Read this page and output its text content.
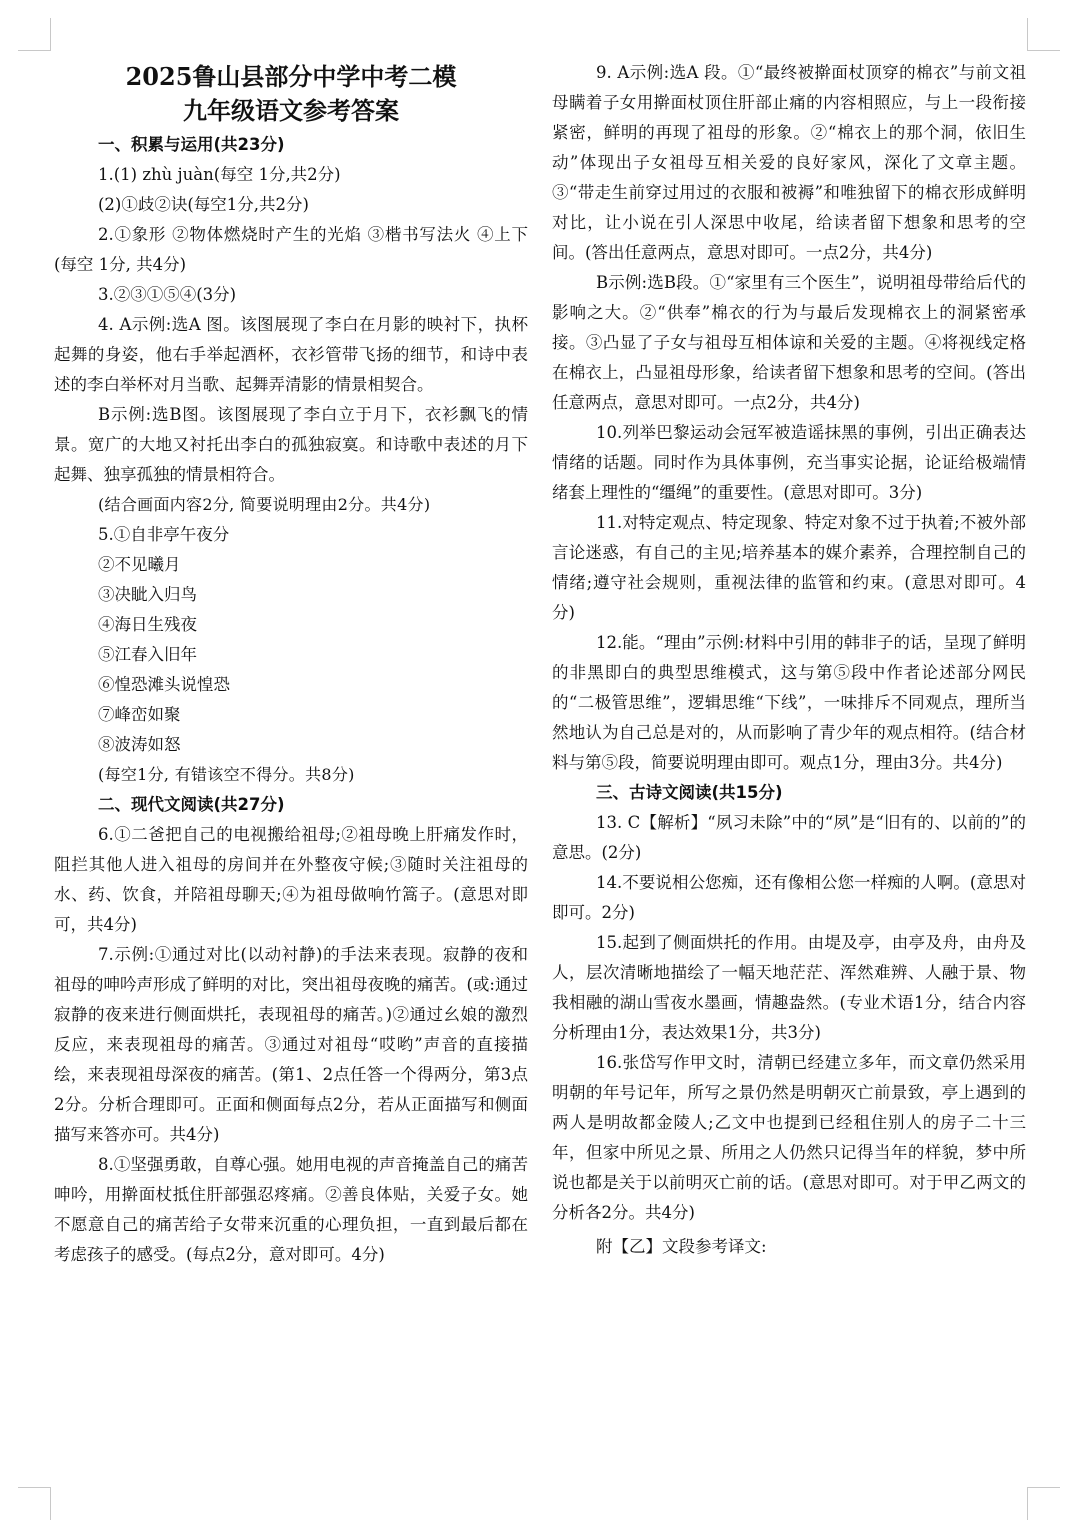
2025鲁山县部分中学中考二模
九年级语文参考答案

一、积累与运用(共23分)

1.(1) zhù juàn(每空 1分,共2分)

(2)①歧②诀(每空1分,共2分)

2.①象形 ②物体燃烧时产生的光焰 ③楷书写法火 ④上下(每空 1分, 共4分)

3.②③①⑤④(3分)

4. A示例:选A 图。该图展现了李白在月影的映衬下，执杯起舞的身姿，他右手举起酒杯，衣衫管带飞扬的细节，和诗中表述的李白举杯对月当歌、起舞弄清影的情景相契合。

B示例:选B图。该图展现了李白立于月下，衣衫飘飞的情景。宽广的大地又衬托出李白的孤独寂寞。和诗歌中表述的月下起舞、独享孤独的情景相符合。

(结合画面内容2分, 简要说明理由2分。共4分)

5.①自非亭午夜分

②不见曦月

③决眦入归鸟

④海日生残夜

⑤江春入旧年

⑥惶恐滩头说惶恐

⑦峰峦如聚

⑧波涛如怒

(每空1分, 有错该空不得分。共8分)

二、现代文阅读(共27分)

6.①二爸把自己的电视搬给祖母;②祖母晚上肝痛发作时，阻拦其他人进入祖母的房间并在外整夜守候;③随时关注祖母的水、药、饮食，并陪祖母聊天;④为祖母做响竹篙子。(意思对即可，共4分)

7.示例:①通过对比(以动衬静)的手法来表现。寂静的夜和祖母的呻吟声形成了鲜明的对比，突出祖母夜晚的痛苦。(或:通过寂静的夜来进行侧面烘托，表现祖母的痛苦。)②通过幺娘的激烈反应，来表现祖母的痛苦。③通过对祖母“哎哟”声音的直接描绘，来表现祖母深夜的痛苦。(第1、2点任答一个得两分，第3点2分。分析合理即可。正面和侧面每点2分，若从正面描写和侧面描写来答亦可。共4分)

8.①坚强勇敢，自尊心强。她用电视的声音掩盖自己的痛苦呻吟，用擀面杖抵住肝部强忍疼痛。②善良体贴，关爱子女。她不愿意自己的痛苦给子女带来沉重的心理负担，一直到最后都在考虑孩子的感受。(每点2分，意对即可。4分)

9. A示例:选A 段。①“最终被擀面杖顶穿的棉衣”与前文祖母瞒着子女用擀面杖顶住肝部止痛的内容相照应，与上一段衔接紧密，鲜明的再现了祖母的形象。②“棉衣上的那个洞，依旧生动”体现出子女祖母互相关爱的良好家风，深化了文章主题。③“带走生前穿过用过的衣服和被褥”和唯独留下的棉衣形成鲜明对比，让小说在引人深思中收尾，给读者留下想象和思考的空间。(答出任意两点，意思对即可。一点2分，共4分)

B示例:选B段。①“家里有三个医生”，说明祖母带给后代的影响之大。②“供奉”棉衣的行为与最后发现棉衣上的洞紧密承接。③凸显了子女与祖母互相体谅和关爱的主题。④将视线定格在棉衣上，凸显祖母形象，给读者留下想象和思考的空间。(答出任意两点，意思对即可。一点2分，共4分)

10.列举巴黎运动会冠军被造谣抹黑的事例，引出正确表达情绪的话题。同时作为具体事例，充当事实论据，论证给极端情绪套上理性的“缰绳”的重要性。(意思对即可。3分)

11.对特定观点、特定现象、特定对象不过于执着;不被外部言论迷惑，有自己的主见;培养基本的媒介素养，合理控制自己的情绪;遵守社会规则，重视法律的监管和约束。(意思对即可。4分)

12.能。“理由”示例:材料中引用的韩非子的话，呈现了鲜明的非黑即白的典型思维模式，这与第⑤段中作者论述部分网民的“二极管思维”，逻辑思维“下线”，一味排斥不同观点，理所当然地认为自己总是对的，从而影响了青少年的观点相符。(结合材料与第⑤段，简要说明理由即可。观点1分，理由3分。共4分)

三、古诗文阅读(共15分)

13. C【解析】“夙习未除”中的“夙”是“旧有的、以前的”的意思。(2分)

14.不要说相公您痴，还有像相公您一样痴的人啊。(意思对即可。2分)

15.起到了侧面烘托的作用。由堤及亭，由亭及舟，由舟及人，层次清晰地描绘了一幅天地茫茫、浑然难辨、人融于景、物我相融的湖山雪夜水墨画，情趣盎然。(专业术语1分，结合内容分析理由1分，表达效果1分，共3分)

16.张岱写作甲文时，清朝已经建立多年，而文章仍然采用明朝的年号记年，所写之景仍然是明朝灭亡前景致，亭上遇到的两人是明故都金陵人;乙文中也提到已经租住别人的房子二十三年，但家中所见之景、所用之人仍然只记得当年的样貌，梦中所说也都是关于以前明灭亡前的话。(意思对即可。对于甲乙两文的分析各2分。共4分)

附【乙】文段参考译文:
